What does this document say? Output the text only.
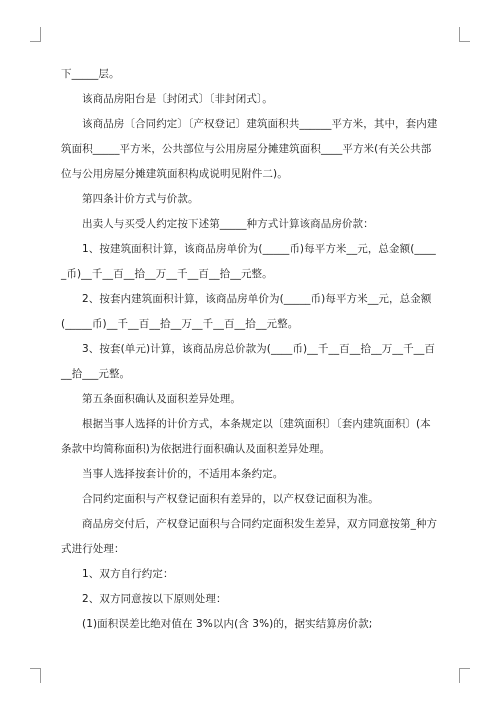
下_____层。

该商品房阳台是〔封闭式〕〔非封闭式〕。

该商品房〔合同约定〕〔产权登记〕建筑面积共______平方米，其中，套内建筑面积_____平方米，公共部位与公用房屋分摊建筑面积____平方米(有关公共部位与公用房屋分摊建筑面积构成说明见附件二)。

第四条计价方式与价款。

出卖人与买受人约定按下述第_____种方式计算该商品房价款：

1、按建筑面积计算，该商品房单价为(_____币)每平方米__元，总金额(_____币)__千__百__拾__万__千__百__拾__元整。

2、按套内建筑面积计算，该商品房单价为(_____币)每平方米__元，总金额(_____币)__千__百__拾__万__千__百__拾__元整。

3、按套(单元)计算，该商品房总价款为(____币)__千__百__拾__万__千__百__拾___元整。

第五条面积确认及面积差异处理。

根据当事人选择的计价方式，本条规定以〔建筑面积〕〔套内建筑面积〕(本条款中均简称面积)为依据进行面积确认及面积差异处理。

当事人选择按套计价的，不适用本条约定。

合同约定面积与产权登记面积有差异的，以产权登记面积为准。

商品房交付后，产权登记面积与合同约定面积发生差异，双方同意按第_种方式进行处理：

1、双方自行约定：

2、双方同意按以下原则处理：

(1)面积误差比绝对值在 3%以内(含 3%)的，据实结算房价款;
